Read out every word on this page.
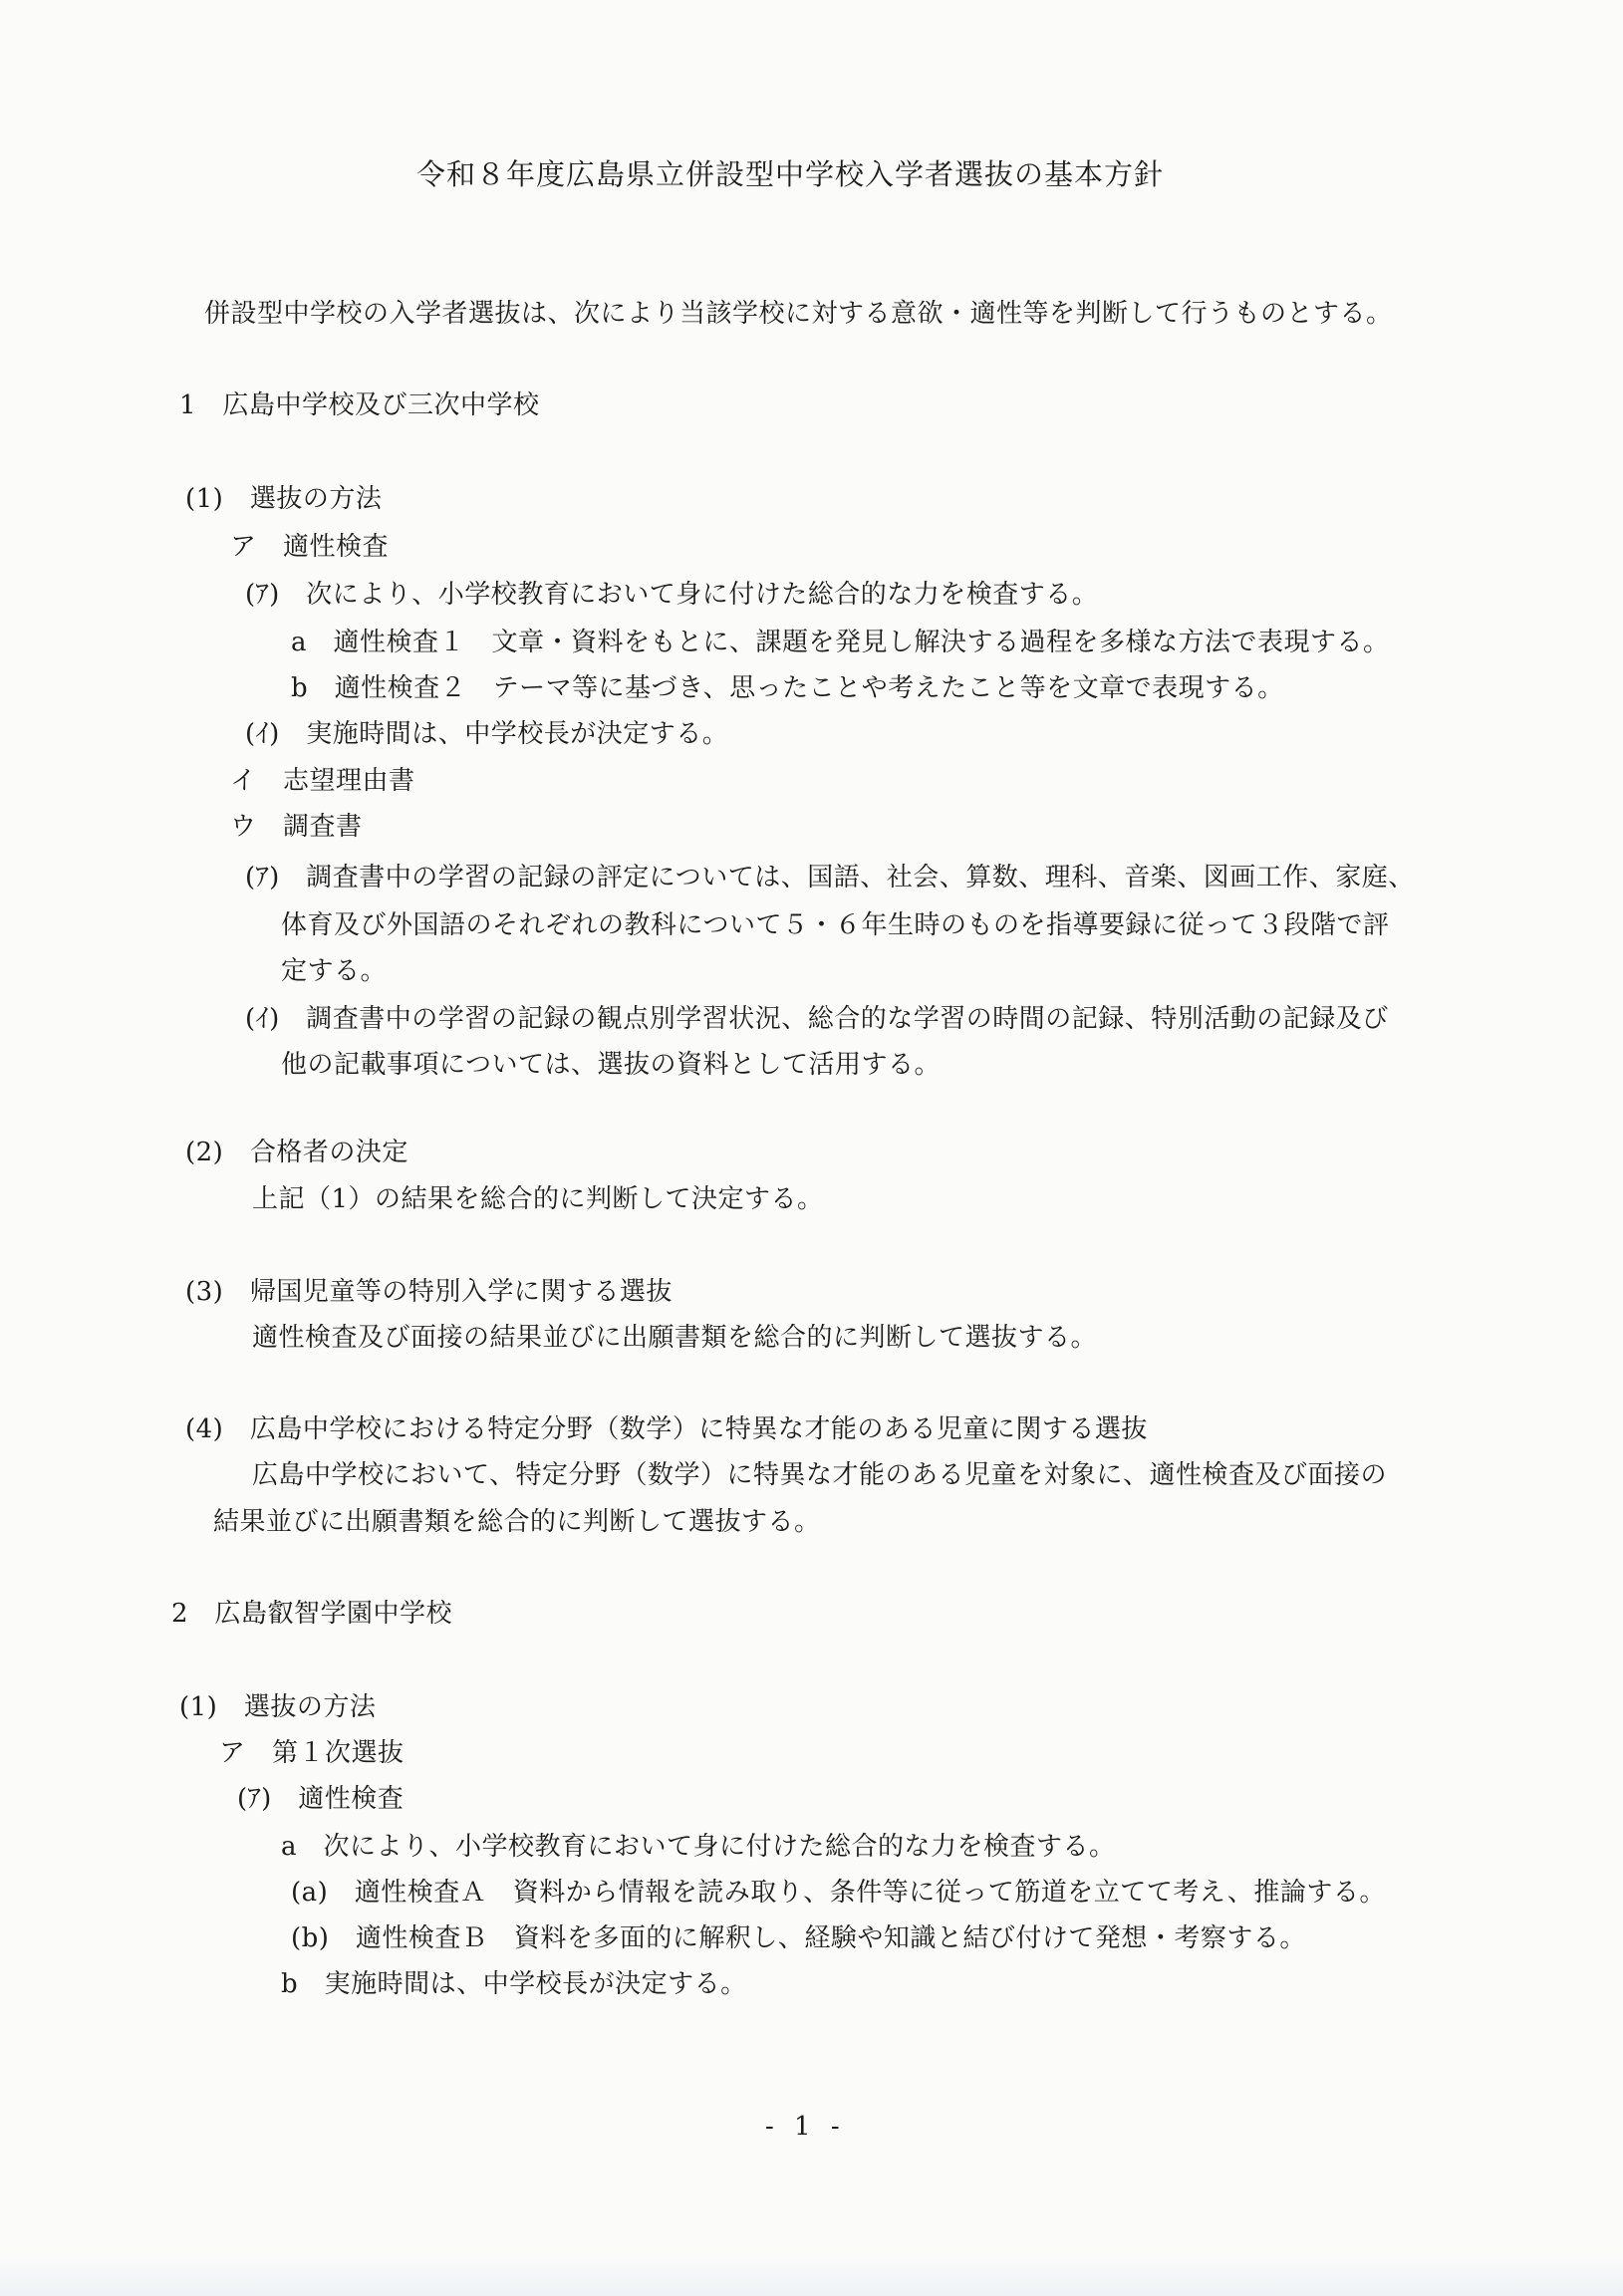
令和８年度広島県立併設型中学校入学者選抜の基本方針
併設型中学校の入学者選抜は、次により当該学校に対する意欲・適性等を判断して行うものとする。
1　広島中学校及び三次中学校
(1)　選抜の方法
ア　適性検査
(ｱ)　次により、小学校教育において身に付けた総合的な力を検査する。
a　適性検査１　文章・資料をもとに、課題を発見し解決する過程を多様な方法で表現する。
b　適性検査２　テーマ等に基づき、思ったことや考えたこと等を文章で表現する。
(ｲ)　実施時間は、中学校長が決定する。
イ　志望理由書
ウ　調査書
(ｱ)　調査書中の学習の記録の評定については、国語、社会、算数、理科、音楽、図画工作、家庭、
体育及び外国語のそれぞれの教科について５・６年生時のものを指導要録に従って３段階で評
定する。
(ｲ)　調査書中の学習の記録の観点別学習状況、総合的な学習の時間の記録、特別活動の記録及び
他の記載事項については、選抜の資料として活用する。
(2)　合格者の決定
上記（1）の結果を総合的に判断して決定する。
(3)　帰国児童等の特別入学に関する選抜
適性検査及び面接の結果並びに出願書類を総合的に判断して選抜する。
(4)　広島中学校における特定分野（数学）に特異な才能のある児童に関する選抜
広島中学校において、特定分野（数学）に特異な才能のある児童を対象に、適性検査及び面接の
結果並びに出願書類を総合的に判断して選抜する。
2　広島叡智学園中学校
(1)　選抜の方法
ア　第１次選抜
(ｱ)　適性検査
a　次により、小学校教育において身に付けた総合的な力を検査する。
(a)　適性検査Ａ　資料から情報を読み取り、条件等に従って筋道を立てて考え、推論する。
(b)　適性検査Ｂ　資料を多面的に解釈し、経験や知識と結び付けて発想・考察する。
b　実施時間は、中学校長が決定する。
- 1 -
